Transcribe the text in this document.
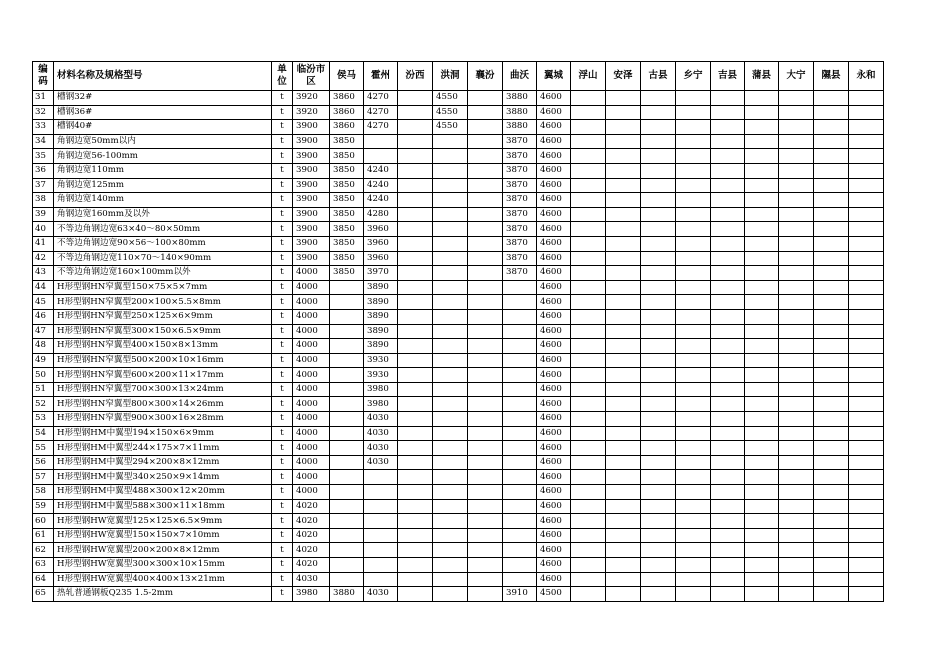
编码	材料名称及规格型号	单位	临汾市区	侯马	霍州	汾西	洪洞	襄汾	曲沃	翼城	浮山	安泽	古县	乡宁	吉县	蒲县	大宁	隰县	永和
31	槽钢32#	t	3920	3860	4270		4550		3880	4600									
32	槽钢36#	t	3920	3860	4270		4550		3880	4600									
33	槽钢40#	t	3900	3860	4270		4550		3880	4600									
34	角钢边宽50mm以内	t	3900	3850					3870	4600									
35	角钢边宽56-100mm	t	3900	3850					3870	4600									
36	角钢边宽110mm	t	3900	3850	4240				3870	4600									
37	角钢边宽125mm	t	3900	3850	4240				3870	4600									
38	角钢边宽140mm	t	3900	3850	4240				3870	4600									
39	角钢边宽160mm及以外	t	3900	3850	4280				3870	4600									
40	不等边角钢边宽63×40～80×50mm	t	3900	3850	3960				3870	4600									
41	不等边角钢边宽90×56～100×80mm	t	3900	3850	3960				3870	4600									
42	不等边角钢边宽110×70～140×90mm	t	3900	3850	3960				3870	4600									
43	不等边角钢边宽160×100mm以外	t	4000	3850	3970				3870	4600									
44	H形型钢HN窄翼型150×75×5×7mm	t	4000		3890					4600									
45	H形型钢HN窄翼型200×100×5.5×8mm	t	4000		3890					4600									
46	H形型钢HN窄翼型250×125×6×9mm	t	4000		3890					4600									
47	H形型钢HN窄翼型300×150×6.5×9mm	t	4000		3890					4600									
48	H形型钢HN窄翼型400×150×8×13mm	t	4000		3890					4600									
49	H形型钢HN窄翼型500×200×10×16mm	t	4000		3930					4600									
50	H形型钢HN窄翼型600×200×11×17mm	t	4000		3930					4600									
51	H形型钢HN窄翼型700×300×13×24mm	t	4000		3980					4600									
52	H形型钢HN窄翼型800×300×14×26mm	t	4000		3980					4600									
53	H形型钢HN窄翼型900×300×16×28mm	t	4000		4030					4600									
54	H形型钢HM中翼型194×150×6×9mm	t	4000		4030					4600									
55	H形型钢HM中翼型244×175×7×11mm	t	4000		4030					4600									
56	H形型钢HM中翼型294×200×8×12mm	t	4000		4030					4600									
57	H形型钢HM中翼型340×250×9×14mm	t	4000							4600									
58	H形型钢HM中翼型488×300×12×20mm	t	4000							4600									
59	H形型钢HM中翼型588×300×11×18mm	t	4020							4600									
60	H形型钢HW宽翼型125×125×6.5×9mm	t	4020							4600									
61	H形型钢HW宽翼型150×150×7×10mm	t	4020							4600									
62	H形型钢HW宽翼型200×200×8×12mm	t	4020							4600									
63	H形型钢HW宽翼型300×300×10×15mm	t	4020							4600									
64	H形型钢HW宽翼型400×400×13×21mm	t	4030							4600									
65	热轧普通钢板Q235 1.5-2mm	t	3980	3880	4030				3910	4500									
